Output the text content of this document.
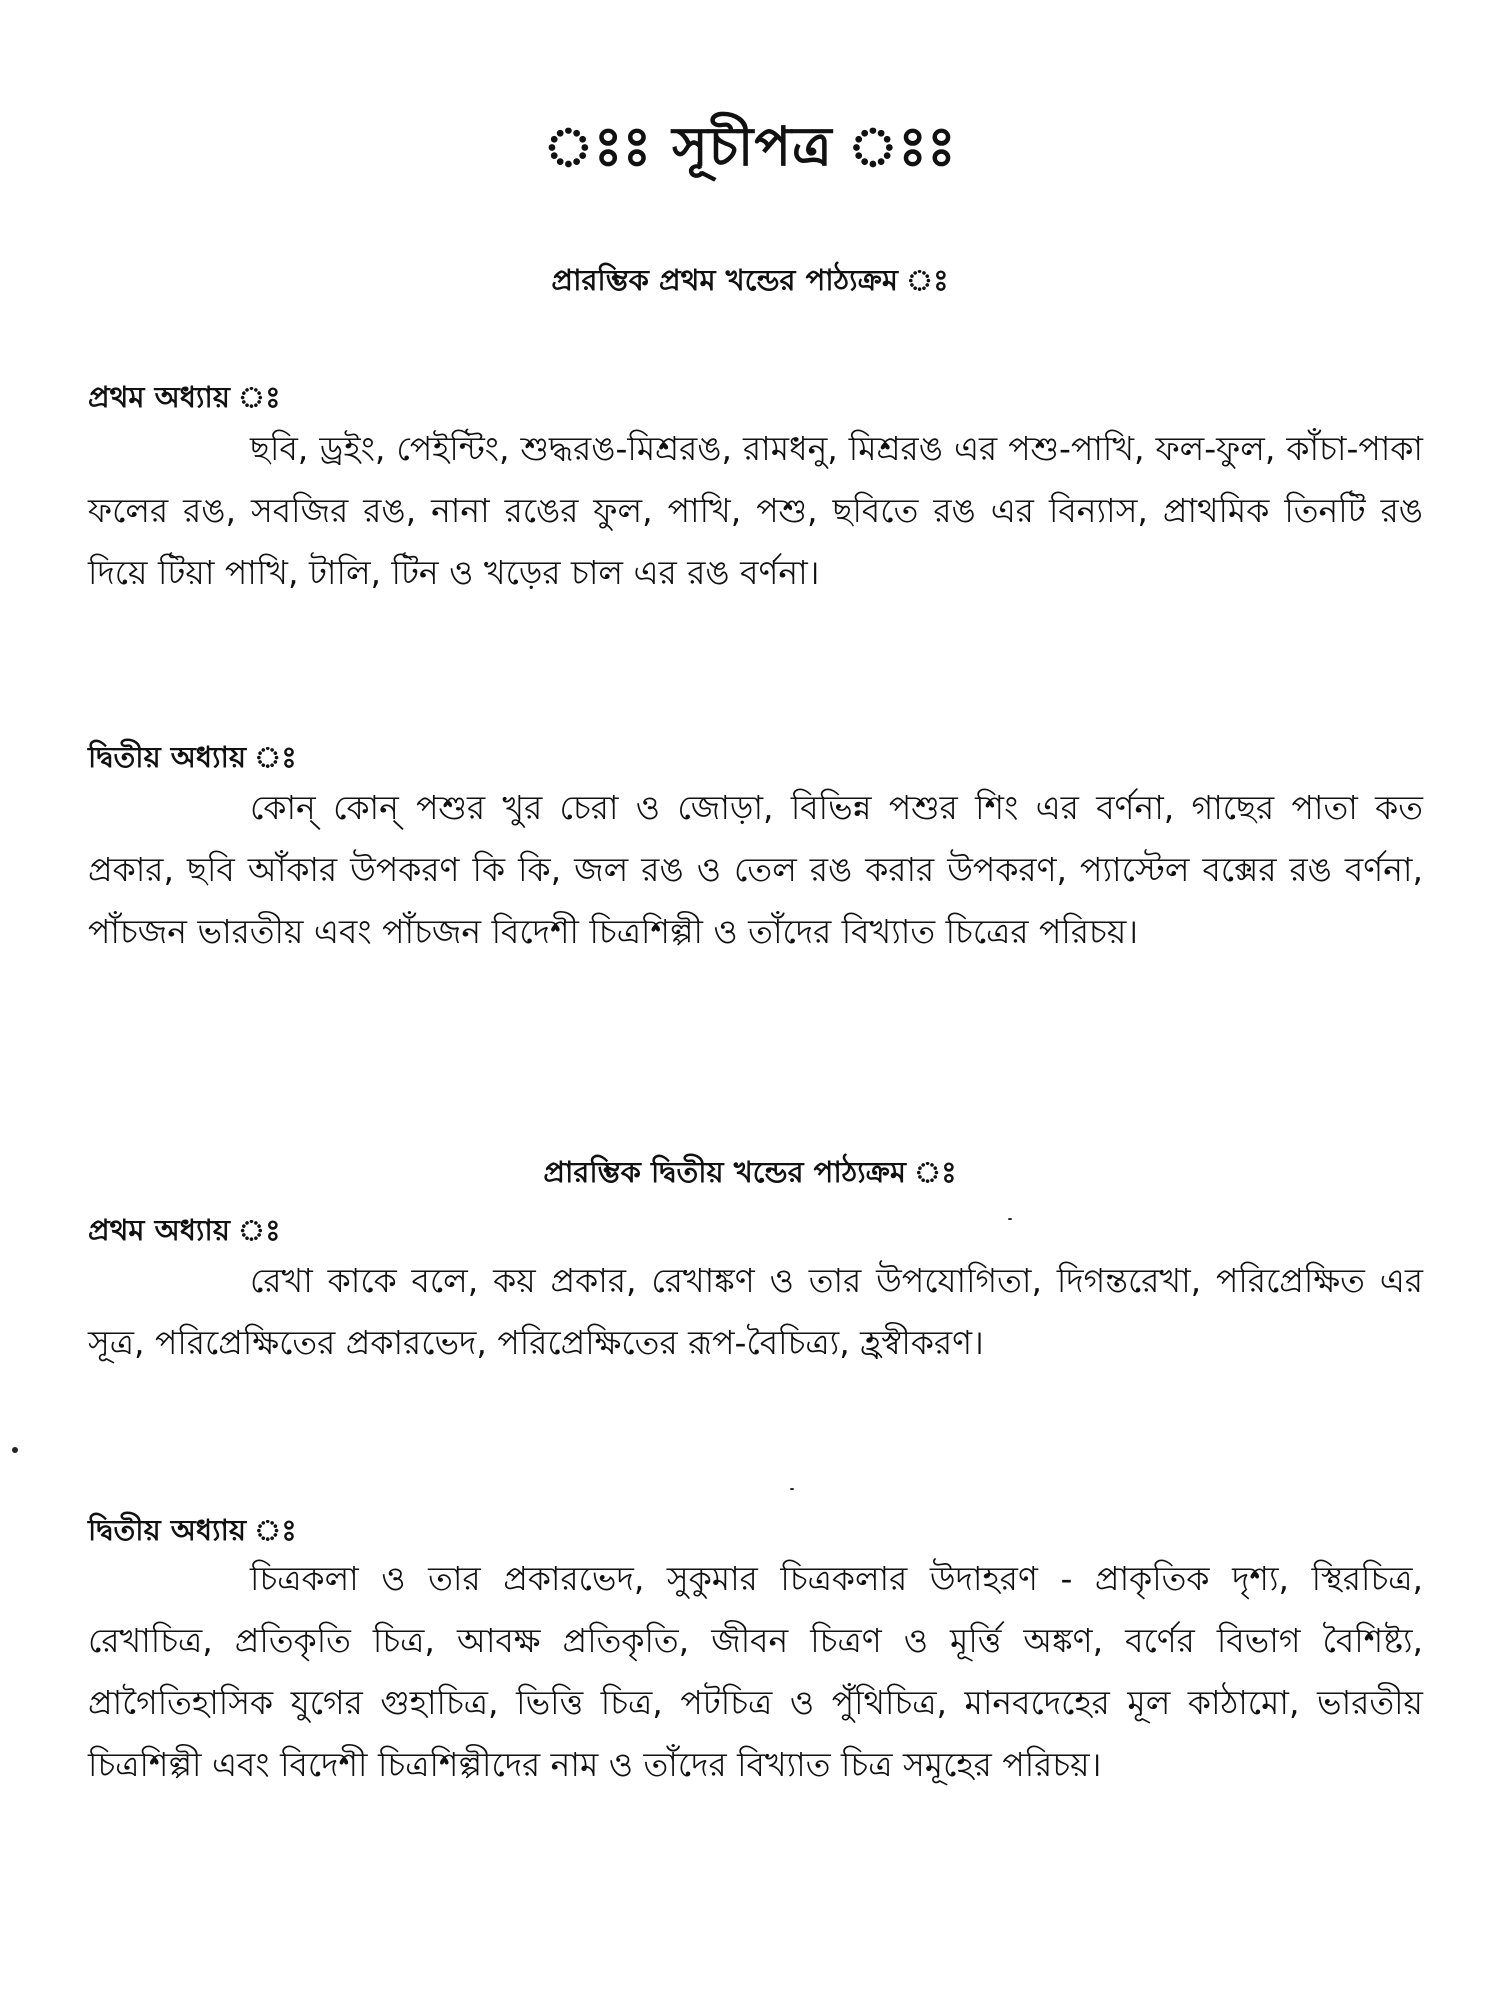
ঃঃ সূচীপত্র ঃঃ
প্রারম্ভিক প্রথম খন্ডের পাঠ্যক্রম ঃ
প্রথম অধ্যায় ঃ

ছবি, ড্রইং, পেইন্টিং, শুদ্ধরঙ-মিশ্ররঙ, রামধনু, মিশ্ররঙ এর পশু-পাখি, ফল-ফুল, কাঁচা-পাকা ফলের রঙ, সবজির রঙ, নানা রঙের ফুল, পাখি, পশু, ছবিতে রঙ এর বিন্যাস, প্রাথমিক তিনটি রঙ দিয়ে টিয়া পাখি, টালি, টিন ও খড়ের চাল এর রঙ বর্ণনা।

দ্বিতীয় অধ্যায় ঃ

কোন্ কোন্ পশুর খুর চেরা ও জোড়া, বিভিন্ন পশুর শিং এর বর্ণনা, গাছের পাতা কত প্রকার, ছবি আঁকার উপকরণ কি কি, জল রঙ ও তেল রঙ করার উপকরণ, প্যাস্টেল বক্সের রঙ বর্ণনা, পাঁচজন ভারতীয় এবং পাঁচজন বিদেশী চিত্রশিল্পী ও তাঁদের বিখ্যাত চিত্রের পরিচয়।

প্রারম্ভিক দ্বিতীয় খন্ডের পাঠ্যক্রম ঃ
প্রথম অধ্যায় ঃ

রেখা কাকে বলে, কয় প্রকার, রেখাঙ্কণ ও তার উপযোগিতা, দিগন্তরেখা, পরিপ্রেক্ষিত এর সূত্র, পরিপ্রেক্ষিতের প্রকারভেদ, পরিপ্রেক্ষিতের রূপ-বৈচিত্র্য, হ্রস্বীকরণ।

দ্বিতীয় অধ্যায় ঃ

চিত্রকলা ও তার প্রকারভেদ, সুকুমার চিত্রকলার উদাহরণ - প্রাকৃতিক দৃশ্য, স্থিরচিত্র, রেখাচিত্র, প্রতিকৃতি চিত্র, আবক্ষ প্রতিকৃতি, জীবন চিত্রণ ও মূর্ত্তি অঙ্কণ, বর্ণের বিভাগ বৈশিষ্ট্য, প্রাগৈতিহাসিক যুগের গুহাচিত্র, ভিত্তি চিত্র, পটচিত্র ও পুঁথিচিত্র, মানবদেহের মূল কাঠামো, ভারতীয় চিত্রশিল্পী এবং বিদেশী চিত্রশিল্পীদের নাম ও তাঁদের বিখ্যাত চিত্র সমূহের পরিচয়।
